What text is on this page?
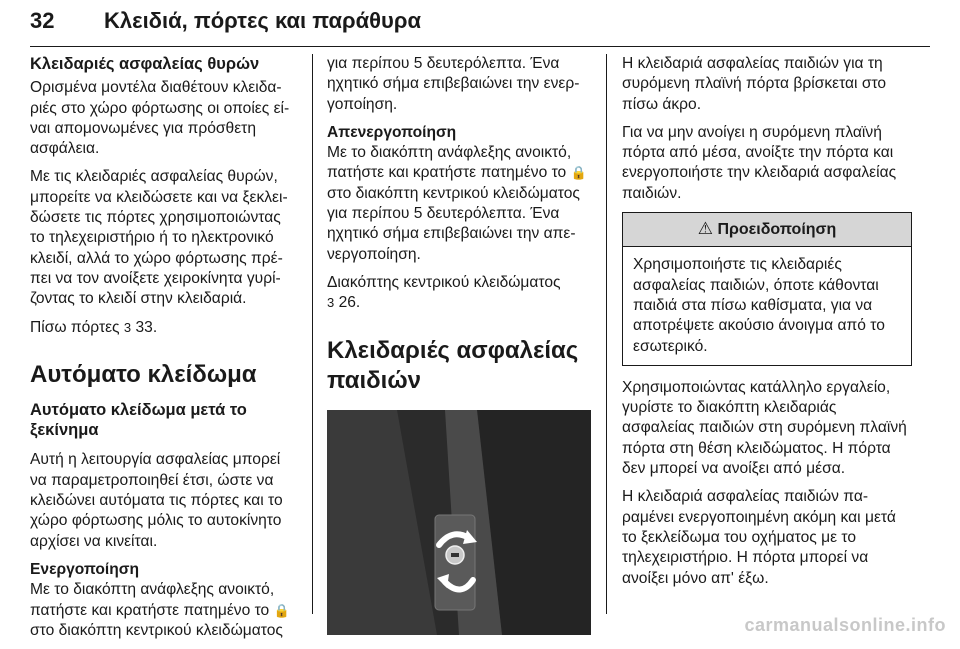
32 Κλειδιά, πόρτες και παράθυρα
Κλειδαριές ασφαλείας θυρών

Ορισμένα μοντέλα διαθέτουν κλειδαριές στο χώρο φόρτωσης οι οποίες είναι απομονωμένες για πρόσθετη ασφάλεια.

Με τις κλειδαριές ασφαλείας θυρών, μπορείτε να κλειδώσετε και να ξεκλειδώσετε τις πόρτες χρησιμοποιώντας το τηλεχειριστήριο ή το ηλεκτρονικό κλειδί, αλλά το χώρο φόρτωσης πρέπει να τον ανοίξετε χειροκίνητα γυρίζοντας το κλειδί στην κλειδαριά.

Πίσω πόρτες 3 33.

Αυτόματο κλείδωμα
Αυτόματο κλείδωμα μετά το ξεκίνημα

Αυτή η λειτουργία ασφαλείας μπορεί να παραμετροποιηθεί έτσι, ώστε να κλειδώνει αυτόματα τις πόρτες και το χώρο φόρτωσης μόλις το αυτοκίνητο αρχίσει να κινείται.

Ενεργοποίηση

Με το διακόπτη ανάφλεξης ανοικτό, πατήστε και κρατήστε πατημένο το 🔒 στο διακόπτη κεντρικού κλειδώματος

για περίπου 5 δευτερόλεπτα. Ένα ηχητικό σήμα επιβεβαιώνει την ενεργοποίηση.

Απενεργοποίηση

Με το διακόπτη ανάφλεξης ανοικτό, πατήστε και κρατήστε πατημένο το 🔒 στο διακόπτη κεντρικού κλειδώματος για περίπου 5 δευτερόλεπτα. Ένα ηχητικό σήμα επιβεβαιώνει την απενεργοποίηση.

Διακόπτης κεντρικού κλειδώματος
3 26.

Κλειδαριές ασφαλείας παιδιών

Η κλειδαριά ασφαλείας παιδιών για τη συρόμενη πλαϊνή πόρτα βρίσκεται στο πίσω άκρο.

Για να μην ανοίγει η συρόμενη πλαϊνή πόρτα από μέσα, ανοίξτε την πόρτα και ενεργοποιήστε την κλειδαριά ασφαλείας παιδιών.

⚠ Προειδοποίηση
Χρησιμοποιήστε τις κλειδαριές ασφαλείας παιδιών, όποτε κάθονται παιδιά στα πίσω καθίσματα, για να αποτρέψετε ακούσιο άνοιγμα από το εσωτερικό.

Χρησιμοποιώντας κατάλληλο εργαλείο, γυρίστε το διακόπτη κλειδαριάς ασφαλείας παιδιών στη συρόμενη πλαϊνή πόρτα στη θέση κλειδώματος. Η πόρτα δεν μπορεί να ανοίξει από μέσα.

Η κλειδαριά ασφαλείας παιδιών παραμένει ενεργοποιημένη ακόμη και μετά το ξεκλείδωμα του οχήματος με το τηλεχειριστήριο. Η πόρτα μπορεί να ανοίξει μόνο απ' έξω.

carmanualsonline.info
